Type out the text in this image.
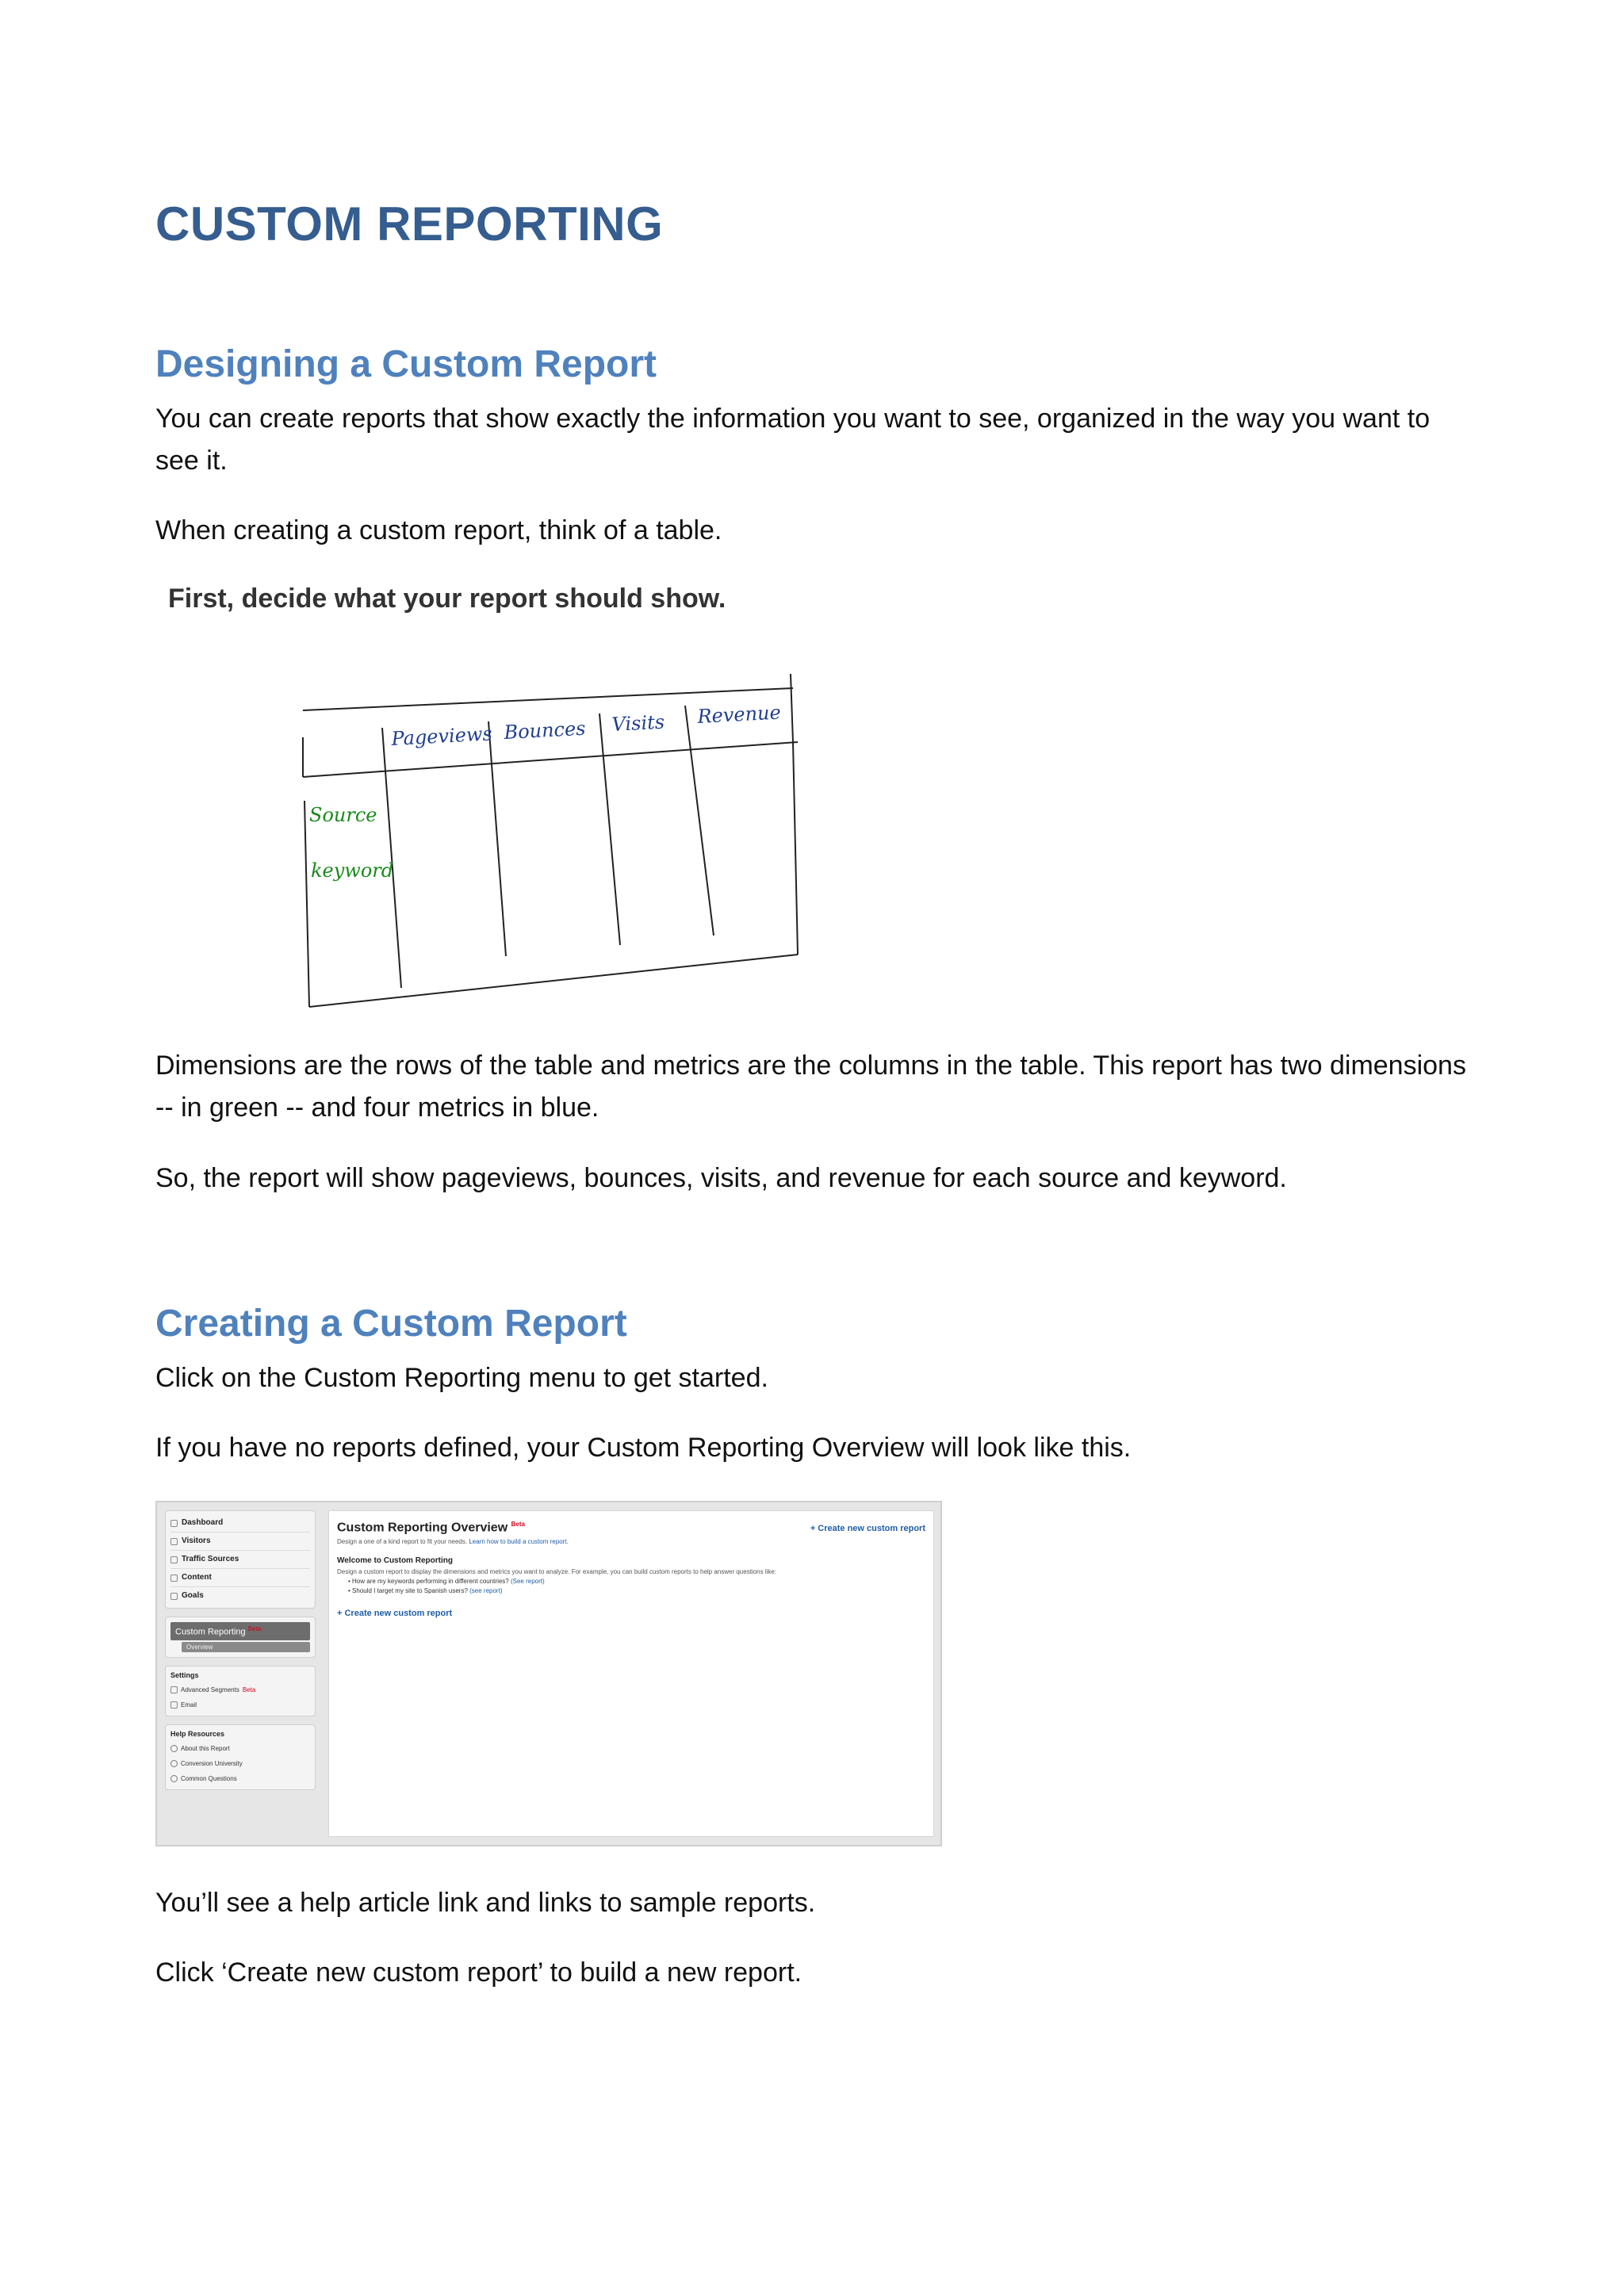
CUSTOM REPORTING
Designing a Custom Report

You can create reports that show exactly the information you want to see, organized in the way you want to see it.

When creating a custom report, think of a table.

First, decide what your report should show.

Pageviews Bounces Visits Revenue
Source
keyword

Dimensions are the rows of the table and metrics are the columns in the table. This report has two dimensions -- in green -- and four metrics in blue.

So, the report will show pageviews, bounces, visits, and revenue for each source and keyword.

Creating a Custom Report

Click on the Custom Reporting menu to get started.

If you have no reports defined, your Custom Reporting Overview will look like this.

Dashboard
Visitors
Traffic Sources
Content
Goals
Custom Reporting $^{Beta}$
Overview
Settings
Advanced Segments Beta
Email
Help Resources
About this Report
Conversion University
Common Questions
Custom Reporting Overview $^{Beta}$
Design a one of a kind report to fit your needs. Learn how to build a custom report.
+ Create new custom report
Welcome to Custom Reporting
Design a custom report to display the dimensions and metrics you want to analyze. For example, you can build custom reports to help answer questions like:
• How are my keywords performing in different countries? (See report)
• Should I target my site to Spanish users? (see report)
+ Create new custom report

You’ll see a help article link and links to sample reports.

Click ‘Create new custom report’ to build a new report.
